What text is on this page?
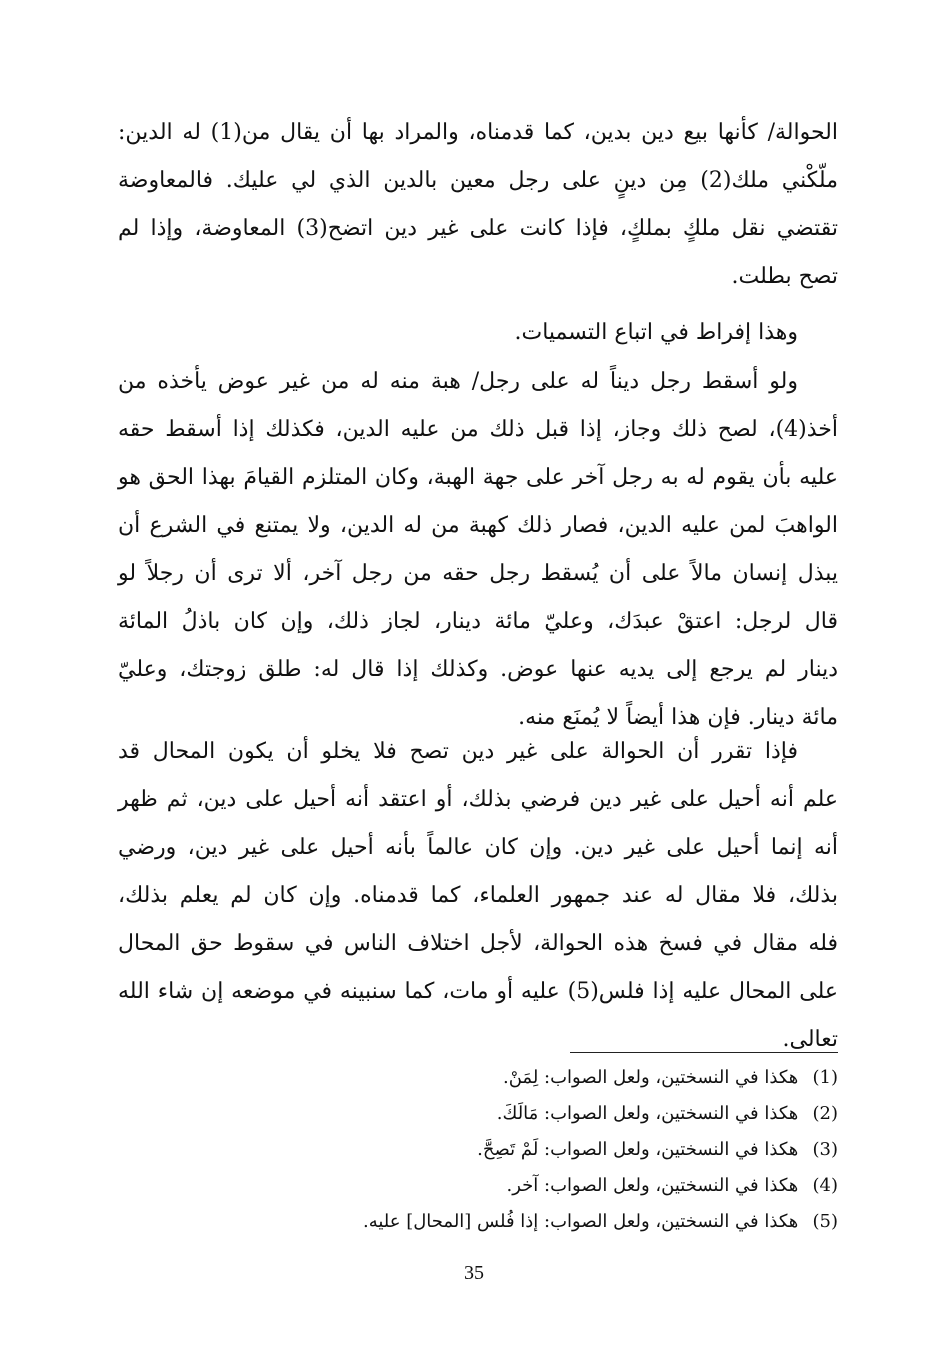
الحوالة/ كأنها بيع دين بدين، كما قدمناه، والمراد بها أن يقال من(1) له الدين:
ملّكْني ملك(2) مِن دينٍ على رجل معين بالدين الذي لي عليك. فالمعاوضة
تقتضي نقل ملكٍ بملكٍ، فإذا كانت على غير دين اتضح(3) المعاوضة، وإذا لم
تصح بطلت.
وهذا إفراط في اتباع التسميات.
ولو أسقط رجل ديناً له على رجل/ هبة منه له من غير عوض يأخذه من
أخذ(4)، لصح ذلك وجاز، إذا قبل ذلك من عليه الدين، فكذلك إذا أسقط حقه
عليه بأن يقوم له به رجل آخر على جهة الهبة، وكان المتلزم القيامَ بهذا الحق هو
الواهبَ لمن عليه الدين، فصار ذلك كهبة من له الدين، ولا يمتنع في الشرع أن
يبذل إنسان مالاً على أن يُسقط رجل حقه من رجل آخر، ألا ترى أن رجلاً لو
قال لرجل: اعتقْ عبدَك، وعليّ مائة دينار، لجاز ذلك، وإن كان باذلُ المائة
دينار لم يرجع إلى يديه عنها عوض. وكذلك إذا قال له: طلق زوجتك، وعليّ
مائة دينار. فإن هذا أيضاً لا يُمنَع منه.
فإذا تقرر أن الحوالة على غير دين تصح فلا يخلو أن يكون المحال قد
علم أنه أحيل على غير دين فرضي بذلك، أو اعتقد أنه أحيل على دين، ثم ظهر
أنه إنما أحيل على غير دين. وإن كان عالماً بأنه أحيل على غير دين، ورضي
بذلك، فلا مقال له عند جمهور العلماء، كما قدمناه. وإن كان لم يعلم بذلك،
فله مقال في فسخ هذه الحوالة، لأجل اختلاف الناس في سقوط حق المحال
على المحال عليه إذا فلس(5) عليه أو مات، كما سنبينه في موضعه إن شاء الله
تعالى.
(1) هكذا في النسختين، ولعل الصواب: لِمَنْ.
(2) هكذا في النسختين، ولعل الصواب: مَالَكَ.
(3) هكذا في النسختين، ولعل الصواب: لَمْ تَصِحَّ.
(4) هكذا في النسختين، ولعل الصواب: آخر.
(5) هكذا في النسختين، ولعل الصواب: إذا فُلس [المحال] عليه.
35
